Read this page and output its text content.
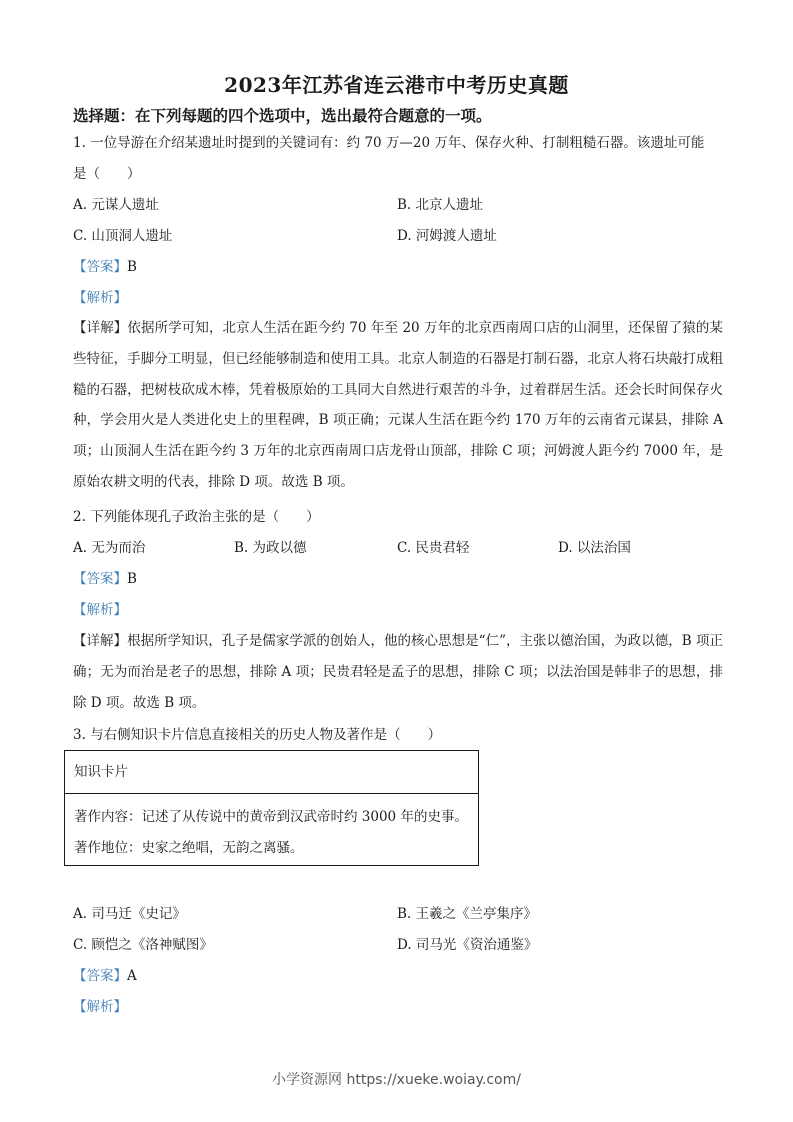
2023年江苏省连云港市中考历史真题
选择题：在下列每题的四个选项中，选出最符合题意的一项。
1. 一位导游在介绍某遗址时提到的关键词有：约 70 万—20 万年、保存火种、打制粗糙石器。该遗址可能
是（　　）
A. 元谋人遗址	B. 北京人遗址
C. 山顶洞人遗址	D. 河姆渡人遗址
【答案】B
【解析】
【详解】依据所学可知，北京人生活在距今约 70 年至 20 万年的北京西南周口店的山洞里，还保留了猿的某些特征，手脚分工明显，但已经能够制造和使用工具。北京人制造的石器是打制石器，北京人将石块敲打成粗糙的石器，把树枝砍成木棒，凭着极原始的工具同大自然进行艰苦的斗争，过着群居生活。还会长时间保存火种，学会用火是人类进化史上的里程碑，B 项正确；元谋人生活在距今约 170 万年的云南省元谋县，排除 A 项；山顶洞人生活在距今约 3 万年的北京西南周口店龙骨山顶部，排除 C 项；河姆渡人距今约 7000 年，是原始农耕文明的代表，排除 D 项。故选 B 项。
2. 下列能体现孔子政治主张的是（　　）
A. 无为而治	B. 为政以德	C. 民贵君轻	D. 以法治国
【答案】B
【解析】
【详解】根据所学知识，孔子是儒家学派的创始人，他的核心思想是“仁”，主张以德治国，为政以德，B 项正确；无为而治是老子的思想，排除 A 项；民贵君轻是孟子的思想，排除 C 项；以法治国是韩非子的思想，排除 D 项。故选 B 项。
3. 与右侧知识卡片信息直接相关的历史人物及著作是（　　）
知识卡片
著作内容：记述了从传说中的黄帝到汉武帝时约 3000 年的史事。
著作地位：史家之绝唱，无韵之离骚。
A. 司马迁《史记》	B. 王羲之《兰亭集序》
C. 顾恺之《洛神赋图》	D. 司马光《资治通鉴》
【答案】A
【解析】
小学资源网 https://xueke.woiay.com/
